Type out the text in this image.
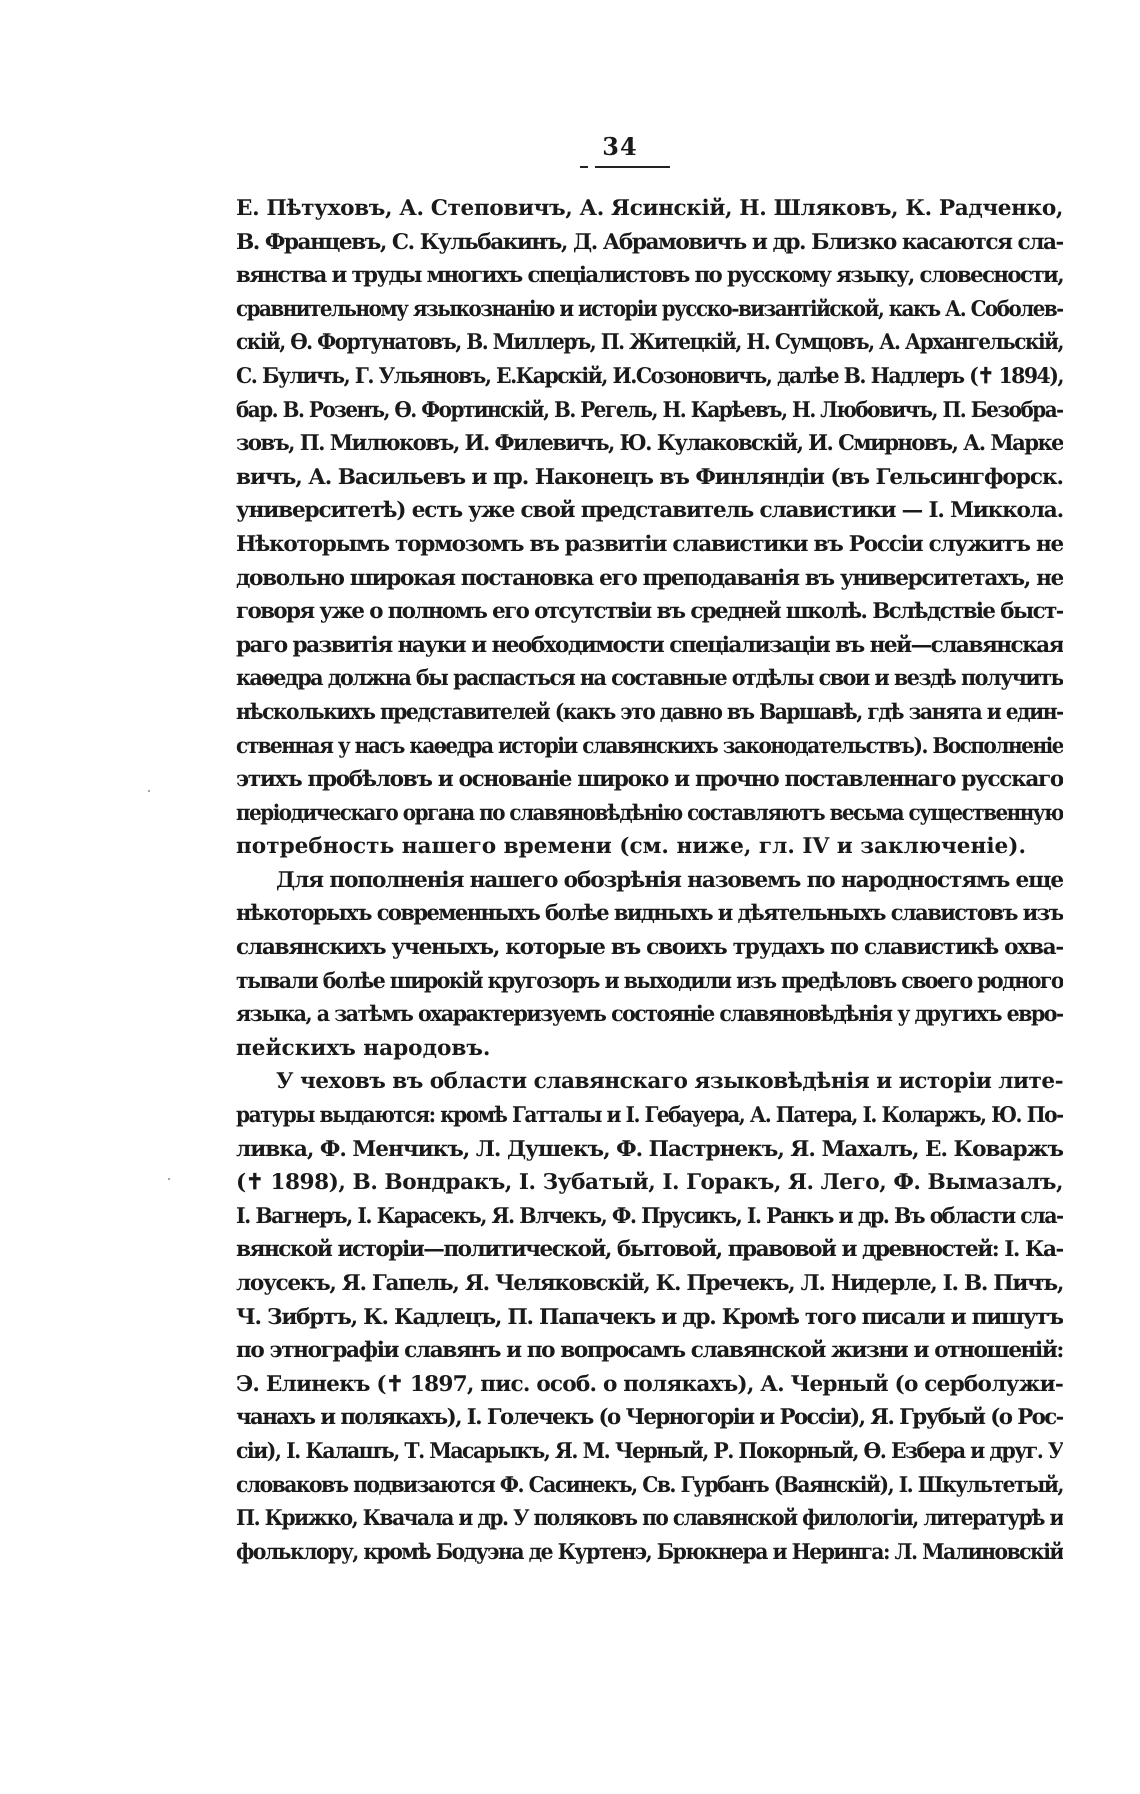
34

Е. Пѣтуховъ, А. Степовичъ, А. Ясинскій, Н. Шляковъ, К. Радченко,
В. Францевъ, С. Кульбакинъ, Д. Абрамовичъ и др. Близко касаются сла-
вянства и труды многихъ спеціалистовъ по русскому языку, словесности,
сравнительному языкознанію и исторіи русско-византійской, какъ А. Соболев-
скій, Ѳ. Фортунатовъ, В. Миллеръ, П. Житецкій, Н. Сумцовъ, А. Архангельскій,
С. Буличъ, Г. Ульяновъ, Е.Карскій, И.Созоновичъ, далѣе В. Надлеръ (✝ 1894),
бар. В. Розенъ, Ѳ. Фортинскій, В. Регель, Н. Карѣевъ, Н. Любовичъ, П. Безобра-
зовъ, П. Милюковъ, И. Филевичъ, Ю. Кулаковскій, И. Смирновъ, А. Марке
вичъ, А. Васильевъ и пр. Наконецъ въ Финляндіи (въ Гельсингфорск.
университетѣ) есть уже свой представитель славистики — І. Миккола.
Нѣкоторымъ тормозомъ въ развитіи славистики въ Россіи служитъ не
довольно широкая постановка его преподаванія въ университетахъ, не
говоря уже о полномъ его отсутствіи въ средней школѣ. Вслѣдствіе быст-
раго развитія науки и необходимости спеціализаціи въ ней—славянская
каѳедра должна бы распасться на составные отдѣлы свои и вездѣ получить
нѣсколькихъ представителей (какъ это давно въ Варшавѣ, гдѣ занята и един-
ственная у насъ каѳедра исторіи славянскихъ законодательствъ). Восполненіе
этихъ пробѣловъ и основаніе широко и прочно поставленнаго русскаго
періодическаго органа по славяновѣдѣнію составляютъ весьма существенную
потребность нашего времени (см. ниже, гл. IV и заключеніе).

Для пополненія нашего обозрѣнія назовемъ по народностямъ еще
нѣкоторыхъ современныхъ болѣе видныхъ и дѣятельныхъ славистовъ изъ
славянскихъ ученыхъ, которые въ своихъ трудахъ по славистикѣ охва-
тывали болѣе широкій кругозоръ и выходили изъ предѣловъ своего родного
языка, а затѣмъ охарактеризуемъ состояніе славяновѣдѣнія у другихъ евро-
пейскихъ народовъ.

У чеховъ въ области славянскаго языковѣдѣнія и исторіи лите-
ратуры выдаются: кромѣ Гатталы и І. Гебауера, А. Патера, І. Коларжъ, Ю. По-
ливка, Ф. Менчикъ, Л. Душекъ, Ф. Пастрнекъ, Я. Махалъ, Е. Коваржъ
(✝ 1898), В. Вондракъ, І. Зубатый, І. Горакъ, Я. Лего, Ф. Вымазалъ,
І. Вагнеръ, І. Карасекъ, Я. Влчекъ, Ф. Прусикъ, І. Ранкъ и др. Въ области сла-
вянской исторіи—политической, бытовой, правовой и древностей: І. Ка-
лоусекъ, Я. Гапель, Я. Челяковскій, К. Пречекъ, Л. Нидерле, І. В. Пичъ,
Ч. Зибртъ, К. Кадлецъ, П. Папачекъ и др. Кромѣ того писали и пишутъ
по этнографіи славянъ и по вопросамъ славянской жизни и отношеній:
Э. Елинекъ (✝ 1897, пис. особ. о полякахъ), А. Черный (о серболужи-
чанахъ и полякахъ), І. Голечекъ (о Черногоріи и Россіи), Я. Грубый (о Рос-
сіи), І. Калашъ, Т. Масарыкъ, Я. М. Черный, Р. Покорный, Ѳ. Езбера и друг. У
словаковъ подвизаются Ф. Сасинекъ, Св. Гурбанъ (Ваянскій), І. Шкультетый,
П. Крижко, Квачала и др. У поляковъ по славянской филологіи, литературѣ и
фольклору, кромѣ Бодуэна де Куртенэ, Брюкнера и Неринга: Л. Малиновскій
